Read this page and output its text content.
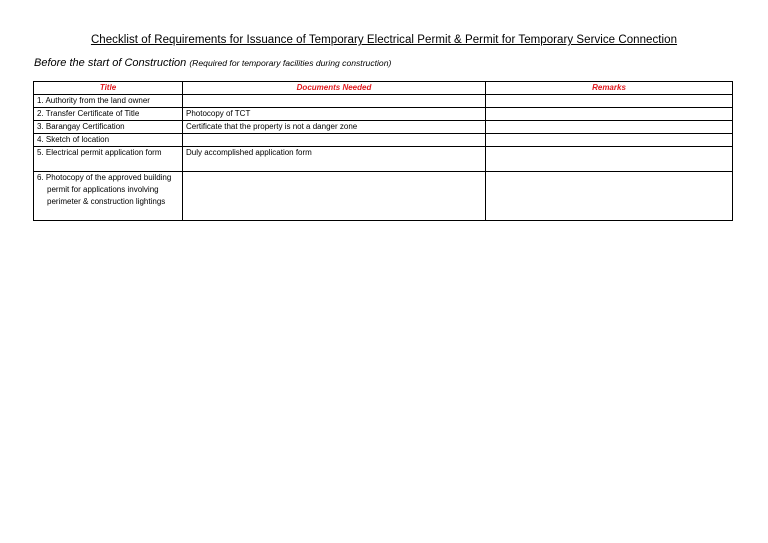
Checklist of Requirements for Issuance of Temporary Electrical Permit & Permit for Temporary Service Connection
Before the start of Construction (Required for temporary facilities during construction)
Title	Documents Needed	Remarks

1. Authority from the land owner		

2. Transfer Certificate of Title	Photocopy of TCT	

3. Barangay Certification	Certificate that the property is not a danger zone	

4. Sketch of location		

5. Electrical permit application form	Duly accomplished application form	

6. Photocopy of the approved building permit for applications involving perimeter & construction lightings		
